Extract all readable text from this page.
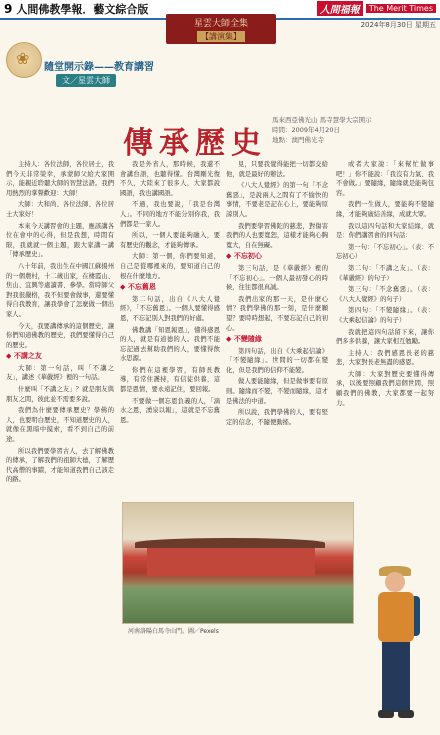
9 人間佛教學報．藝文綜合版	人間福報	The Merit Times
2024年8月30日 星期五
星雲大師全集
【講演集】
❀ 隨堂開示錄——教育講習
文／星雲大師
傳承歷史
馬來西亞佛光山 馬寺慧學大宗開示
時間：2009年4月20日
地點：澳門佛光寺

主持人：各位法師，各位居士，我們今天非常榮幸，承蒙師父給大家開示，能親近聆聽大師的智慧法語。我們用熱烈的掌聲歡迎：大師！

大師：大和尚、各位法師、各位居士大家好！

本來今天講習會的主題，應該講各位在會中的心得，但是我想，時間有限，我就就一個主題，跟大家講一講「傳承歷史」。

八十年前，我出生在中國江蘇揚州的一個農村，十二歲出家，在棲霞山、焦山、宜興等處讀書、參學。當時師父對我很嚴格，我不但要會做事，還要懂得自我教育，讓我學會了怎麼做一個出家人。

今天，我要講傳承的這個歷史，讓你們知道佛教的歷史，我們要懂得自己的歷史。

◆ 不講之友

大師：第一句話，叫「不講之友」，講述《華嚴經》裡的一句話。

什麼叫「不講之友」？就是朋友與朋友之間，彼此並不需要多說。

我們為什麼要傳承歷史？學佛的人，也要明白歷史，不知道歷史的人，就像在黑暗中摸索，看不到自己的前途。

所以我們要學習古人，去了解佛教的傳承，了解我們的祖師大德，了解歷代高僧的事蹟，才能知道我們自己該走的路。

我是外省人，那時候，我還不會講台語，也聽得懂。台灣剛光復不久，大陸來了很多人，大家都說國語，我也講國語。

不過，我也要說，「我是台灣人」。不同的地方不能分別你我，我們都是一家人。

所以，一個人要能夠融入，要有歷史的觀念，才能夠傳承。

大師：第一個，你們要知道，自己是從哪裡來的，要知道自己的根在什麼地方。

◆ 不忘舊恩

第二句話，出自《八大人覺經》，「不忘舊恩」。一個人要懂得感恩，不忘記別人對我們的好處。

佛教講「知恩報恩」，懂得感恩的人，就是有道德的人。我們不能忘記過去幫助我們的人，要懂得飲水思源。

你們在這裡學習，有師長教導，有常住護持，有信徒供養，這都是恩情，要永遠記住，要回報。

不要做一個忘恩負義的人，「滴水之恩，湧泉以報」，這就是不忘舊恩。

見，只要我覺得能把一切都交給他，就是最好的辦法。

《八大人覺經》的第一句「不念舊惡」，是說兩人之間有了不愉快的事情，不要老是記在心上，要能夠原諒別人。

我們要學習佛陀的慈悲，對傷害我們的人也要寬恕，這樣才能夠心胸寬大，自在無礙。

◆ 不忘初心

第三句話，是《華嚴經》裡的「不忘初心」。一個人最初發心的時候，往往都很真誠。

我們出家的那一天，是什麼心情？我們學佛的那一刻，是什麼願望？要時時想起，不要忘記自己的初心。

◆ 不變隨緣

第四句話，出自《大乘起信論》「不變隨緣」。世間的一切都在變化，但是我們的信仰不能變。

做人要能隨緣，但是做事要有原則。隨緣而不變，不變而隨緣，這才是佛法的中道。

所以說，我們學佛的人，要有堅定的信念，不隨便動搖。

或者大家說：「來幫忙做事吧！」你不能說：「我沒有力氣、我不會做。」要隨緣，隨緣就是能夠包容。

我們一生做人，要能夠不變隨緣，才能夠廣結善緣，成就大眾。

我以這四句話和大家結緣，就是：你們講習會的四句話：

第一句：「不忘初心」。（表：不忘初心）

第二句：「不講之友」。（表：《華嚴經》的句子）

第三句：「不念舊惡」。（表：《八大人覺經》的句子）

第四句：「不變隨緣」。（表：《大乘起信論》的句子）

我就把這四句話留下來，讓你們多多供養，讓大家相互勉勵。

主持人：我們感恩長老的慈悲，大家對長老無盡的感恩。

大師：大家對歷史要懂得傳承，以後要照顧我們這個世間，照顧我們的佛教，大家都要一起努力。

河南洛陽白馬寺山門。圖／Pexels
